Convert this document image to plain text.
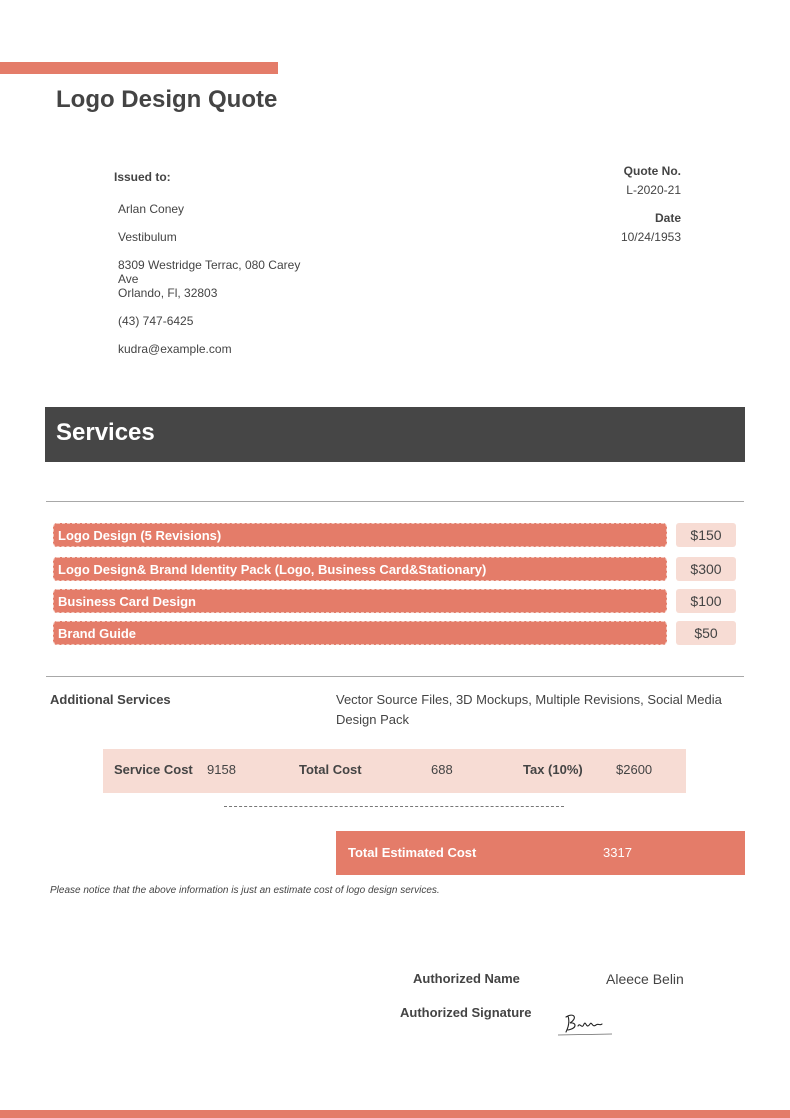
Logo Design Quote
Issued to:
Arlan Coney
Vestibulum
8309 Westridge Terrac, 080 Carey Ave
Orlando, Fl, 32803
(43) 747-6425
kudra@example.com
Quote No.
L-2020-21
Date
10/24/1953
Services
Logo Design (5 Revisions)	$150
Logo Design& Brand Identity Pack (Logo, Business Card&Stationary)	$300
Business Card Design	$100
Brand Guide	$50
Additional Services	Vector Source Files, 3D Mockups, Multiple Revisions, Social Media Design Pack
Service Cost 9158	Total Cost	688	Tax (10%)	$2600
Total Estimated Cost	3317
Please notice that the above information is just an estimate cost of logo design services.
Authorized Name	Aleece Belin
Authorized Signature
